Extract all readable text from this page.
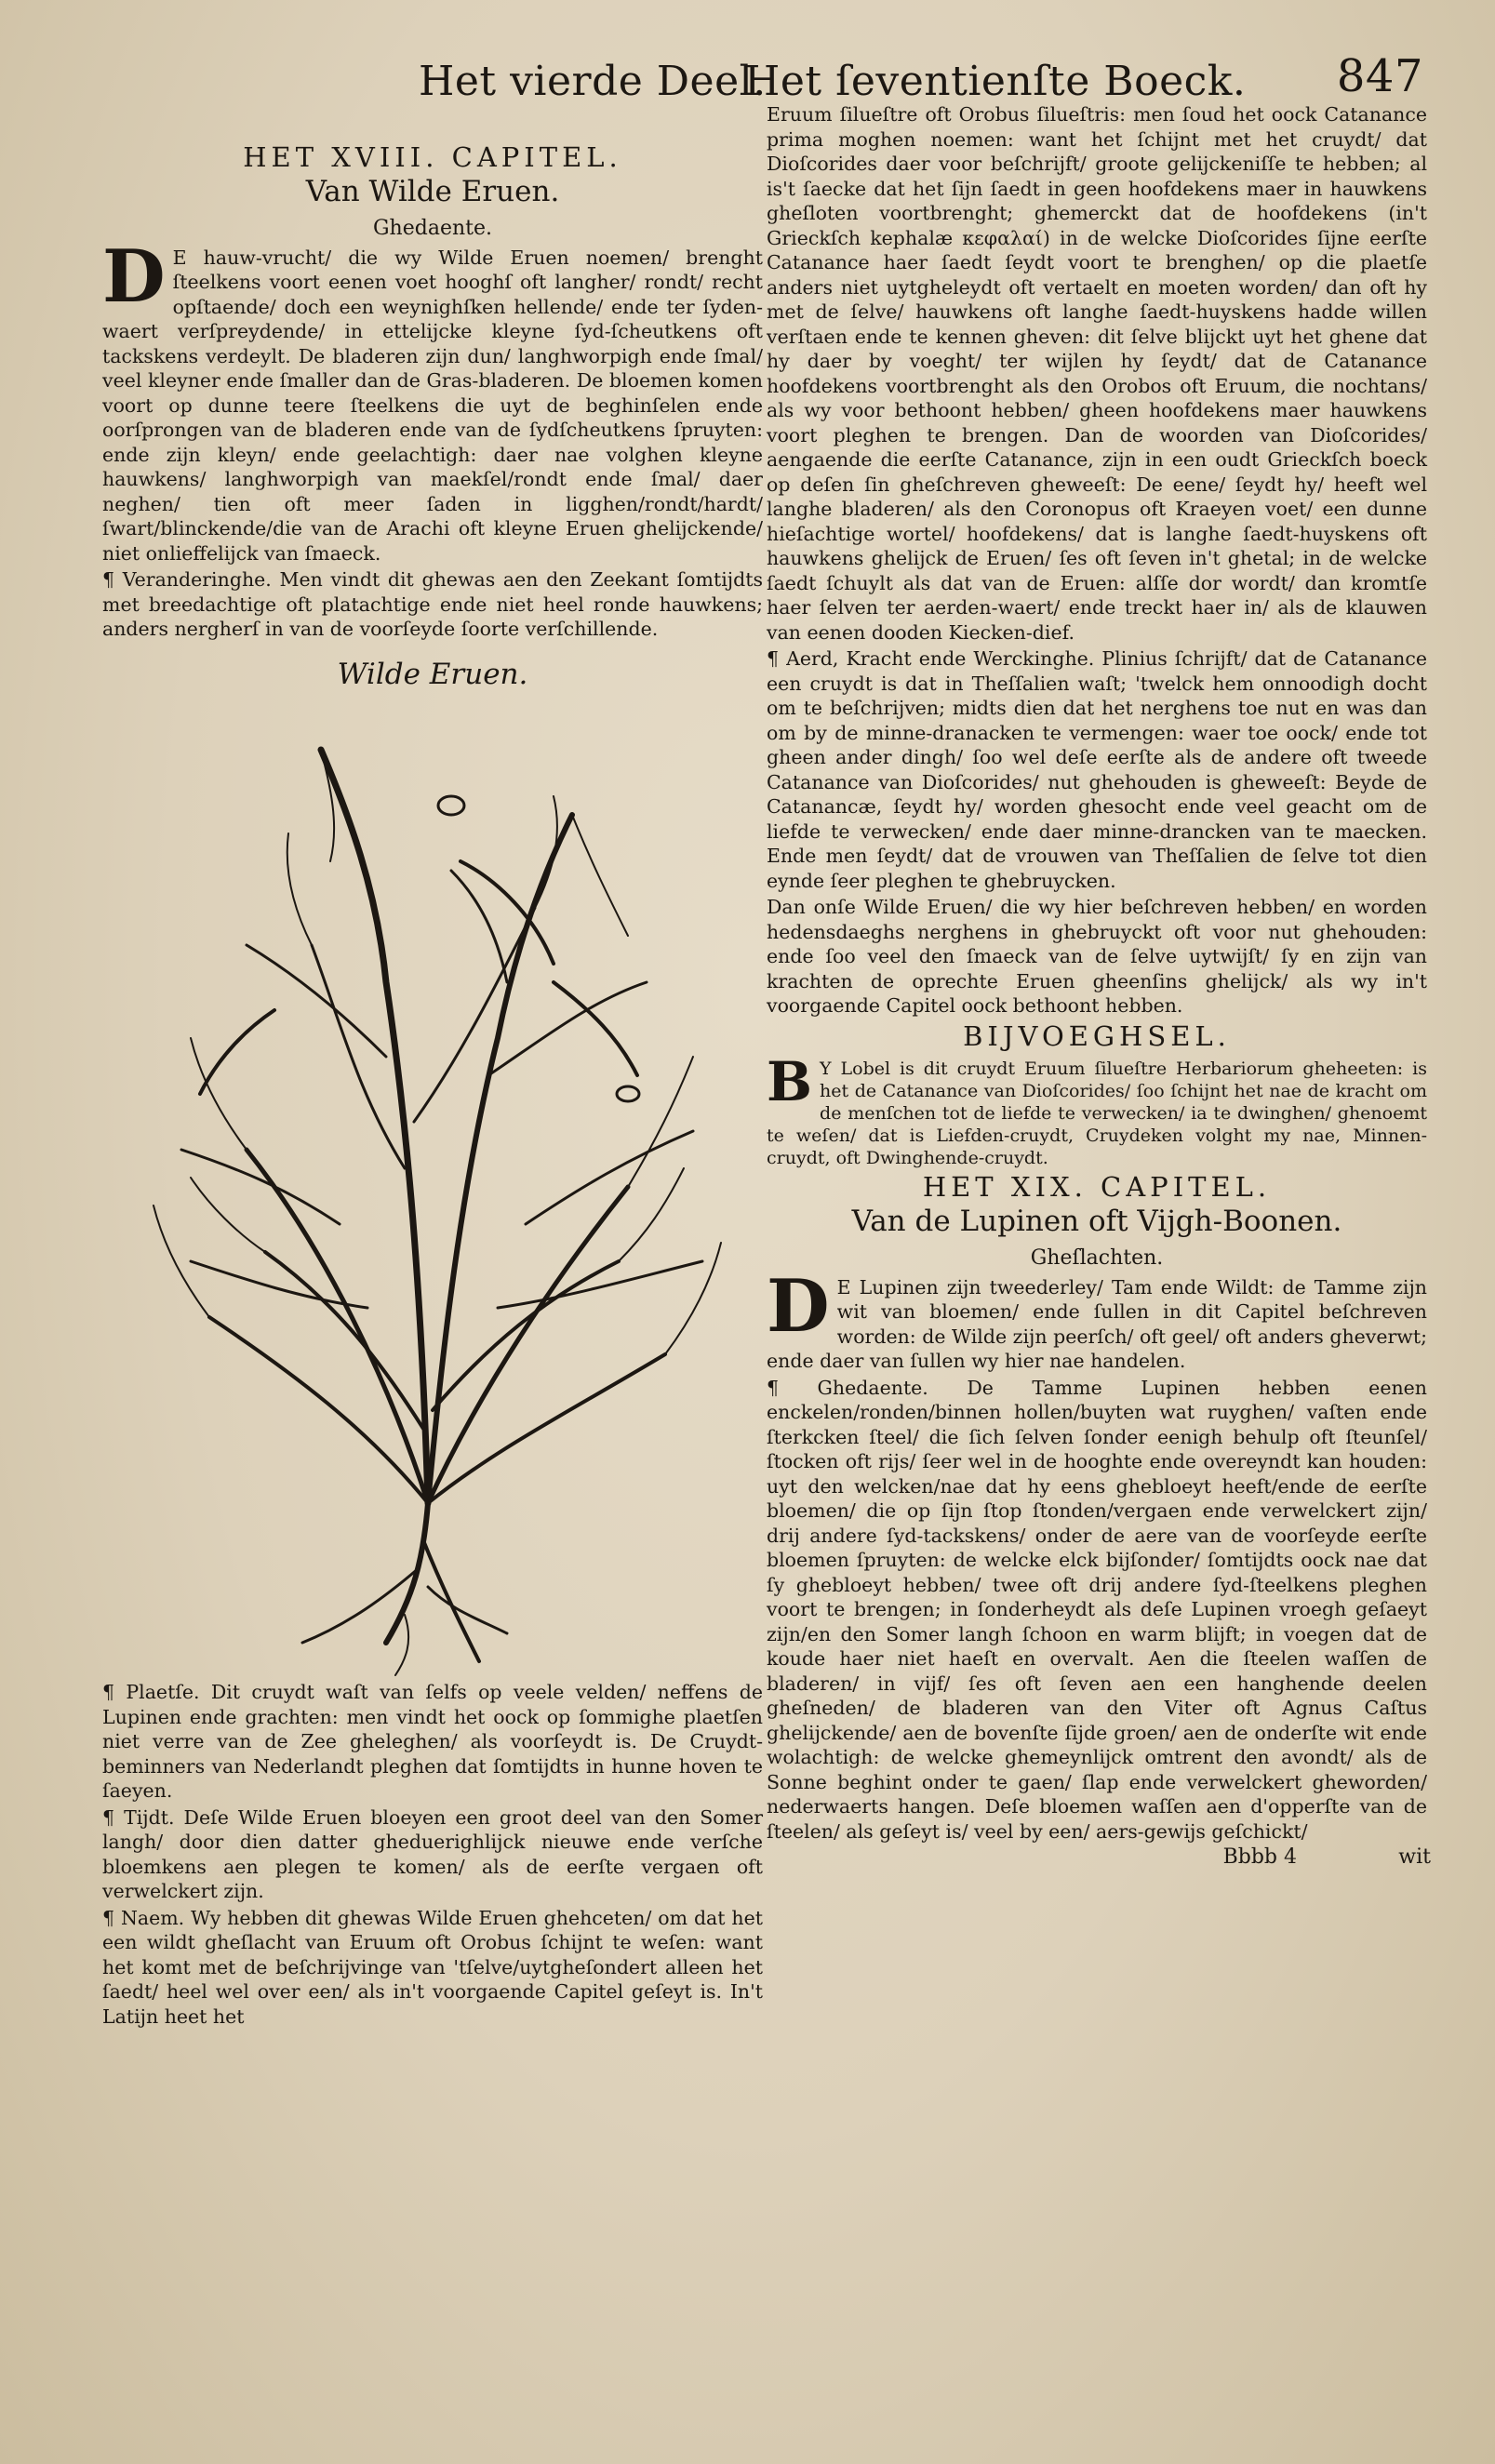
Het vierde Deel.
Het ſeventienſte Boeck. 847
HET XVIII. CAPITEL.
Van Wilde Eruen.
Ghedaente.

D E hauw-vrucht/ die wy Wilde Eruen noemen/ brenght ſteelkens voort eenen voet hooghſ oft langher/ rondt/ recht opſtaende/ doch een weynighſken hellende/ ende ter ſyden-waert verſpreydende/ in ettelijcke kleyne ſyd-ſcheutkens oft tackskens verdeylt. De bladeren zijn dun/ langhworpigh ende ſmal/ veel kleyner ende ſmaller dan de Gras-bladeren. De bloemen komen voort op dunne teere ſteelkens die uyt de beghinſelen ende oorſprongen van de bladeren ende van de ſydſcheutkens ſpruyten: ende zijn kleyn/ ende geelachtigh: daer nae volghen kleyne hauwkens/ langhworpigh van maekſel/rondt ende ſmal/ daer neghen/ tien oft meer ſaden in ligghen/rondt/hardt/ſwart/blinckende/die van de Arachi oft kleyne Eruen ghelijckende/ niet onlieffelijck van ſmaeck.

¶ Veranderinghe. Men vindt dit ghewas aen den Zeekant ſomtijdts met breedachtige oft platachtige ende niet heel ronde hauwkens; anders nergherſ in van de voorſeyde ſoorte verſchillende.

Wilde Eruen.

¶ Plaetſe. Dit cruydt waſt van ſelfs op veele velden/ neffens de Lupinen ende grachten: men vindt het oock op ſommighe plaetſen niet verre van de Zee gheleghen/ als voorſeydt is. De Cruydt-beminners van Nederlandt pleghen dat ſomtijdts in hunne hoven te ſaeyen.

¶ Tijdt. Deſe Wilde Eruen bloeyen een groot deel van den Somer langh/ door dien datter gheduerighlijck nieuwe ende verſche bloemkens aen plegen te komen/ als de eerſte vergaen oft verwelckert zijn.

¶ Naem. Wy hebben dit ghewas Wilde Eruen ghehceten/ om dat het een wildt gheſlacht van Eruum oft Orobus ſchijnt te weſen: want het komt met de beſchrijvinge van 'tſelve/uytgheſondert alleen het ſaedt/ heel wel over een/ als in't voorgaende Capitel geſeyt is. In't Latijn heet het

Eruum ſilueſtre oft Orobus ſilueſtris: men ſoud het oock Catanance prima moghen noemen: want het ſchijnt met het cruydt/ dat Dioſcorides daer voor beſchrijft/ groote gelijckeniſſe te hebben; al is't ſaecke dat het ſijn ſaedt in geen hoofdekens maer in hauwkens gheſloten voortbrenght; ghemerckt dat de hoofdekens (in't Grieckſch kephalæ κεφαλαί) in de welcke Dioſcorides ſijne eerſte Catanance haer ſaedt ſeydt voort te brenghen/ op die plaetſe anders niet uytgheleydt oft vertaelt en moeten worden/ dan oft hy met de ſelve/ hauwkens oft langhe ſaedt-huyskens hadde willen verſtaen ende te kennen gheven: dit ſelve blijckt uyt het ghene dat hy daer by voeght/ ter wijlen hy ſeydt/ dat de Catanance hoofdekens voortbrenght als den Orobos oft Eruum, die nochtans/ als wy voor bethoont hebben/ gheen hoofdekens maer hauwkens voort pleghen te brengen. Dan de woorden van Dioſcorides/ aengaende die eerſte Catanance, zijn in een oudt Grieckſch boeck op deſen ſin gheſchreven ghewеeſt: De eene/ ſeydt hy/ heeft wel langhe bladeren/ als den Coronopus oft Kraeyen voet/ een dunne hieſachtige wortel/ hoofdekens/ dat is langhe ſaedt-huyskens oft hauwkens ghelijck de Eruen/ ſes oft ſeven in't ghetal; in de welcke ſaedt ſchuylt als dat van de Eruen: alſſe dor wordt/ dan kromtſe haer ſelven ter aerden-waert/ ende treckt haer in/ als de klauwen van eenen dooden Kiecken-dief.

¶ Aerd, Kracht ende Werckinghe. Plinius ſchrijft/ dat de Catanance een cruydt is dat in Theſſalien waſt; 'twelck hem onnoodigh docht om te beſchrijven; midts dien dat het nerghens toe nut en was dan om by de minne-dranacken te vermengen: waer toe oock/ ende tot gheen ander dingh/ ſoo wel deſe eerſte als de andere oft tweede Catanance van Dioſcorides/ nut ghehouden is ghewееſt: Beyde de Catanancæ, ſeydt hy/ worden ghesocht ende veel geacht om de liefde te verwecken/ ende daer minne-drancken van te maecken. Ende men ſeydt/ dat de vrouwen van Theſſalien de ſelve tot dien eynde ſeer pleghen te ghebruycken.

Dan onſe Wilde Eruen/ die wy hier beſchreven hebben/ en worden hedensdaeghs nerghens in ghebruyckt oft voor nut ghehouden: ende ſoo veel den ſmaeck van de ſelve uytwijſt/ ſy en zijn van krachten de oprechte Eruen gheenſins ghelijck/ als wy in't voorgaende Capitel oock bethoont hebben.

BIJVOEGHSEL.

B Y Lobel is dit cruydt Eruum ſilueſtre Herbariorum gheheeten: is het de Catanance van Dioſcorides/ ſoo ſchijnt het nae de kracht om de menſchen tot de liefde te verwecken/ ia te dwinghen/ ghenoemt te weſen/ dat is Liefden-cruydt, Cruydeken volght my nae, Minnen-cruydt, oft Dwinghende-cruydt.

HET XIX. CAPITEL.
Van de Lupinen oft Vijgh-Boonen.
Gheſlachten.

D E Lupinen zijn tweederley/ Tam ende Wildt: de Tamme zijn wit van bloemen/ ende ſullen in dit Capitel beſchreven worden: de Wilde zijn peerſch/ oft geel/ oft anders gheverwt; ende daer van ſullen wy hier nae handelen.

¶ Ghedaente. De Tamme Lupinen hebben eenen enckelen/ronden/binnen hollen/buyten wat ruyghen/ vaſten ende ſterkcken ſteel/ die ſich ſelven ſonder eenigh behulp oft ſteunſel/ſtocken oft rijs/ ſeer wel in de hooghte ende overeyndt kan houden: uyt den welcken/nae dat hy eens ghebloeyt heeft/ende de eerſte bloemen/ die op ſijn ſtop ſtonden/vergaen ende verwelckert zijn/ drij andere ſyd-tackskens/ onder de aere van de voorſeyde eerſte bloemen ſpruyten: de welcke elck bijſonder/ ſomtijdts oock nae dat ſy ghebloeyt hebben/ twee oft drij andere ſyd-ſteelkens pleghen voort te brengen; in ſonderheydt als deſe Lupinen vroegh geſaeyt zijn/en den Somer langh ſchoon en warm blijft; in voegen dat de koude haer niet haeſt en overvalt. Aen die ſteelen waſſen de bladeren/ in vijf/ ſes oft ſeven aen een hanghende deelen gheſneden/ de bladeren van den Viter oft Agnus Caſtus ghelijckende/ aen de bovenſte ſijde groen/ aen de onderſte wit ende wolachtigh: de welcke ghemeynlijck omtrent den avondt/ als de Sonne beghint onder te gaen/ ſlap ende verwelckert ghewоrden/ nederwaerts hangen. Deſe bloemen waſſen aen d'opperſte van de ſteelen/ als geſeyt is/ veel by een/ aers-gewijs geſchickt/

Bbbb 4	wit
